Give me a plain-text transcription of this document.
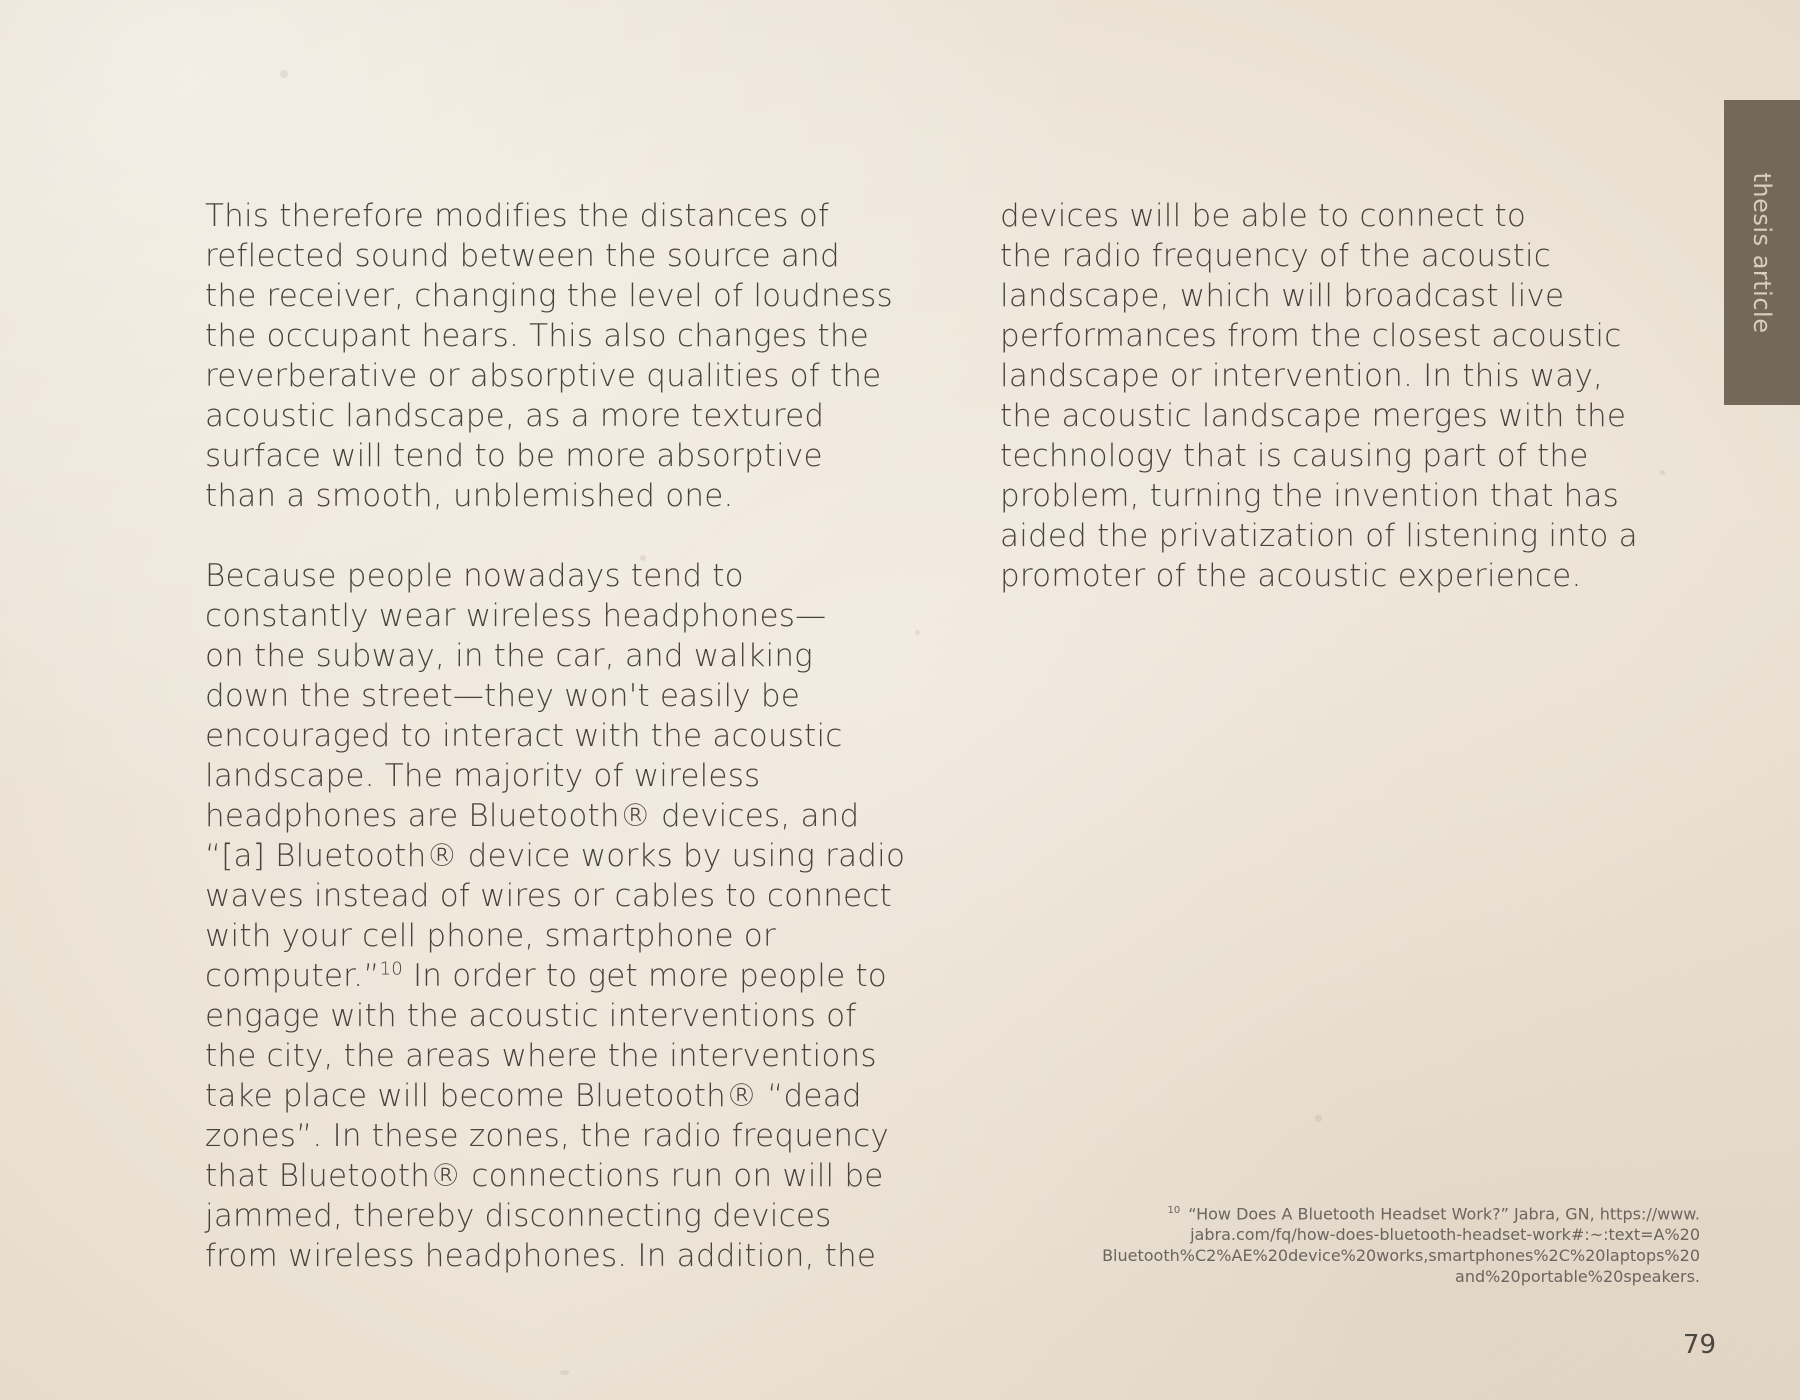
thesis article

This therefore modifies the distances of
reflected sound between the source and
the receiver, changing the level of loudness
the occupant hears. This also changes the
reverberative or absorptive qualities of the
acoustic landscape, as a more textured
surface will tend to be more absorptive
than a smooth, unblemished one.

Because people nowadays tend to
constantly wear wireless headphones—
on the subway, in the car, and walking
down the street—they won't easily be
encouraged to interact with the acoustic
landscape. The majority of wireless
headphones are Bluetooth® devices, and
“[a] Bluetooth® device works by using radio
waves instead of wires or cables to connect
with your cell phone, smartphone or
computer.”$^{10}$ In order to get more people to
engage with the acoustic interventions of
the city, the areas where the interventions
take place will become Bluetooth® “dead
zones”. In these zones, the radio frequency
that Bluetooth® connections run on will be
jammed, thereby disconnecting devices
from wireless headphones. In addition, the

devices will be able to connect to
the radio frequency of the acoustic
landscape, which will broadcast live
performances from the closest acoustic
landscape or intervention. In this way,
the acoustic landscape merges with the
technology that is causing part of the
problem, turning the invention that has
aided the privatization of listening into a
promoter of the acoustic experience.

$^{10}$ “How Does A Bluetooth Headset Work?” Jabra, GN, https://www.
jabra.com/fq/how-does-bluetooth-headset-work#:~:text=A%20
Bluetooth%C2%AE%20device%20works,smartphones%2C%20laptops%20
and%20portable%20speakers.
79
